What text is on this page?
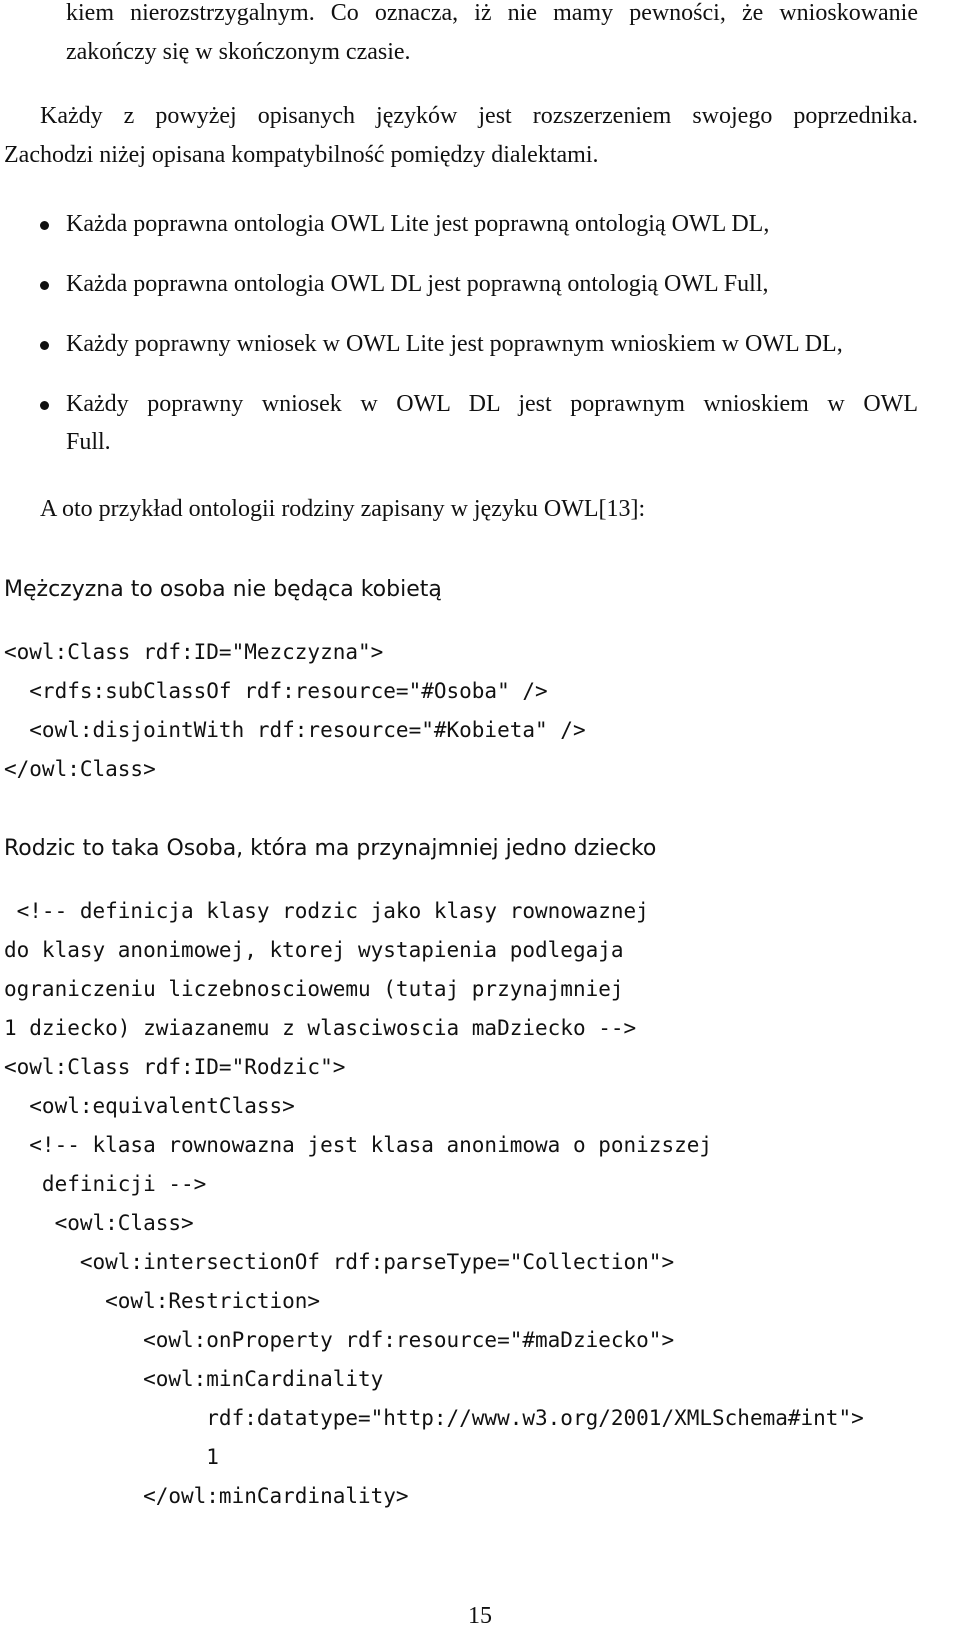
kiem nierozstrzygalnym. Co oznacza, iż nie mamy pewności, że wnioskowanie

zakończy się w skończonym czasie.

Każdy z powyżej opisanych języków jest rozszerzeniem swojego poprzednika.

Zachodzi niżej opisana kompatybilność pomiędzy dialektami.

Każda poprawna ontologia OWL Lite jest poprawną ontologią OWL DL,

Każda poprawna ontologia OWL DL jest poprawną ontologią OWL Full,

Każdy poprawny wniosek w OWL Lite jest poprawnym wnioskiem w OWL DL,

Każdy poprawny wniosek w OWL DL jest poprawnym wnioskiem w OWL

Full.

A oto przykład ontologii rodziny zapisany w języku OWL[13]:

Mężczyzna to osoba nie będąca kobietą
<owl:Class rdf:ID="Mezczyzna">
<rdfs:subClassOf rdf:resource="#Osoba" />
<owl:disjointWith rdf:resource="#Kobieta" />
</owl:Class>
Rodzic to taka Osoba, która ma przynajmniej jedno dziecko
<!-- definicja klasy rodzic jako klasy rownowaznej
do klasy anonimowej, ktorej wystapienia podlegaja
ograniczeniu liczebnosciowemu (tutaj przynajmniej
1 dziecko) zwiazanemu z wlasciwoscia maDziecko -->
<owl:Class rdf:ID="Rodzic">
<owl:equivalentClass>
<!-- klasa rownowazna jest klasa anonimowa o ponizszej
definicji -->
<owl:Class>
<owl:intersectionOf rdf:parseType="Collection">
<owl:Restriction>
<owl:onProperty rdf:resource="#maDziecko">
<owl:minCardinality
rdf:datatype="http://www.w3.org/2001/XMLSchema#int">
1
</owl:minCardinality>
15
